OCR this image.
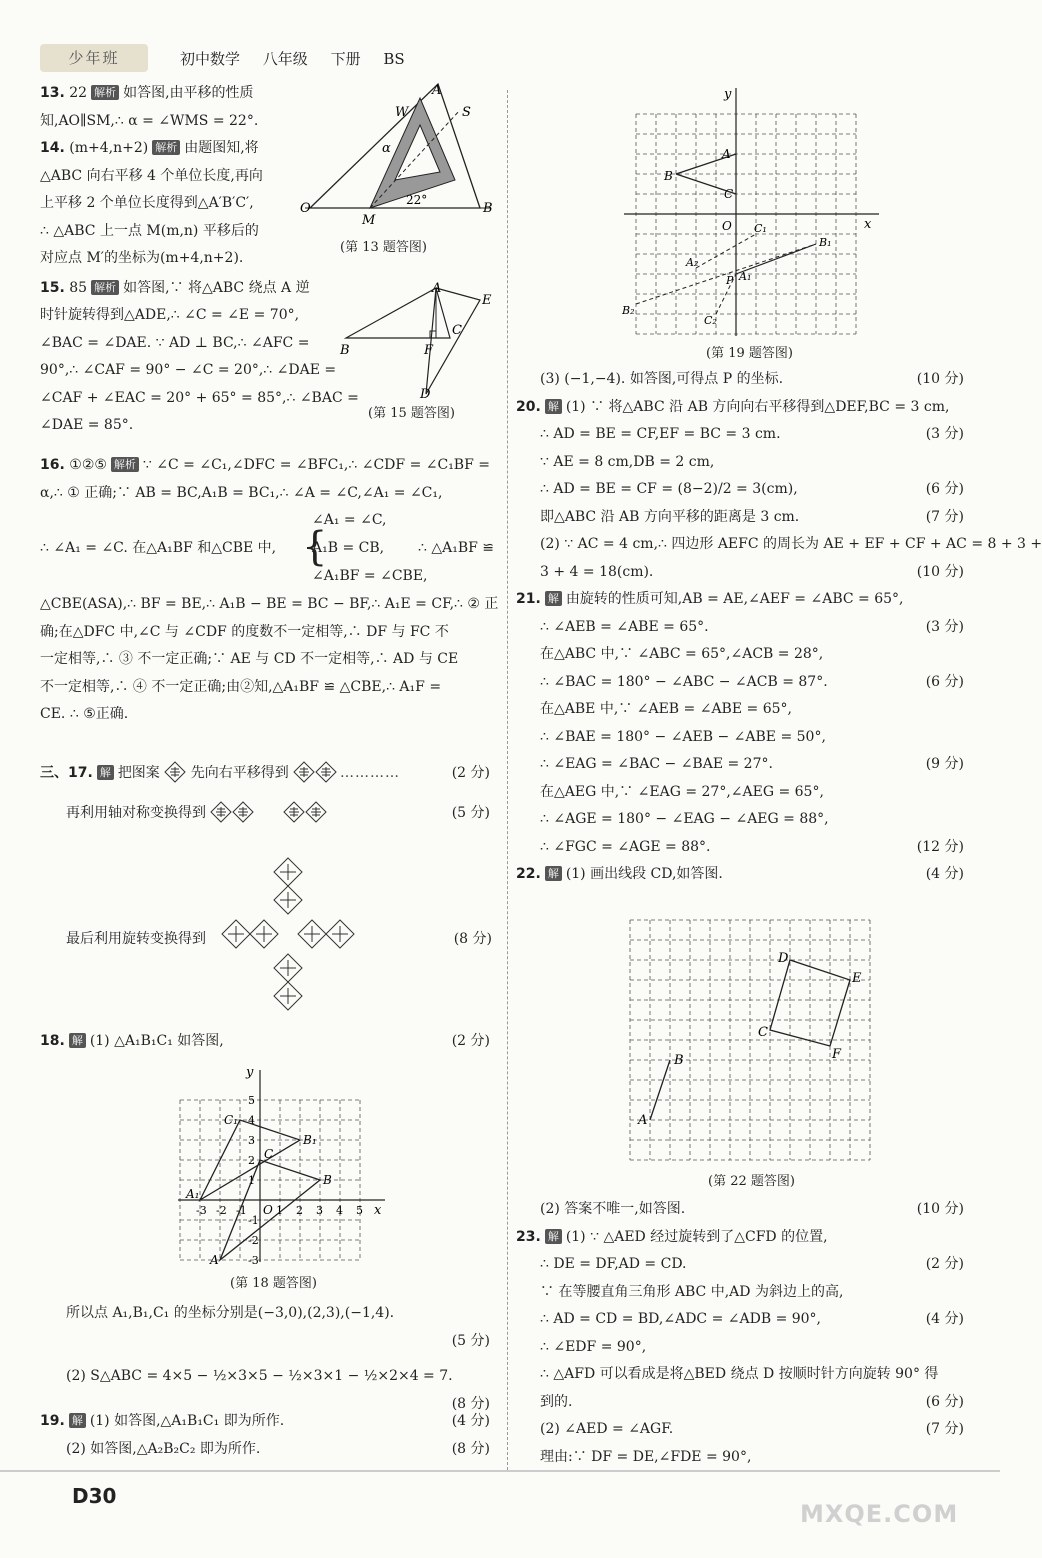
少年班	初中数学 八年级 下册 BS

13. 22 解析 如答图,由平移的性质

知,AO∥SM,∴ α = ∠WMS = 22°.

14. (m+4,n+2) 解析 由题图知,将

△ABC 向右平移 4 个单位长度,再向

上平移 2 个单位长度得到△A′B′C′,

∴ △ABC 上一点 M(m,n) 平移后的

对应点 M′的坐标为(m+4,n+2).

15. 85 解析 如答图,∵ 将△ABC 绕点 A 逆

时针旋转得到△ADE,∴ ∠C = ∠E = 70°,

∠BAC = ∠DAE. ∵ AD ⊥ BC,∴ ∠AFC =

90°,∴ ∠CAF = 90° − ∠C = 20°,∴ ∠DAE =

∠CAF + ∠EAC = 20° + 65° = 85°,∴ ∠BAC =

∠DAE = 85°.

W
A
S
O
M
B
α
22°
(第 13 题答图)
A
E
C
B	F
D
(第 15 题答图)

16. ①②⑤ 解析 ∵ ∠C = ∠C₁,∠DFC = ∠BFC₁,∴ ∠CDF = ∠C₁BF =

α,∴ ① 正确;∵ AB = BC,A₁B = BC₁,∴ ∠A = ∠C,∠A₁ = ∠C₁,

∴ ∠A₁ = ∠C. 在△A₁BF 和△CBE 中, {
∠A₁ = ∠C,
A₁B = CB,
∠A₁BF = ∠CBE,
∴ △A₁BF ≌

△CBE(ASA),∴ BF = BE,∴ A₁B − BE = BC − BF,∴ A₁E = CF,∴ ② 正

确;在△DFC 中,∠C 与 ∠CDF 的度数不一定相等,∴ DF 与 FC 不

一定相等,∴ ③ 不一定正确;∵ AE 与 CD 不一定相等,∴ AD 与 CE

不一定相等,∴ ④ 不一定正确;由②知,△A₁BF ≌ △CBE,∴ A₁F =

CE. ∴ ⑤正确.

三、17. 解 把图案 先向右平移得到	…………	(2 分)

再利用轴对称变换得到	(5 分)

最后利用旋转变换得到	(8 分)

18. 解 (1) △A₁B₁C₁ 如答图,	(2 分)

x
y
O
-3 -2 -1	1 2 3 4 5
5
4
3
2
1
-1
-2
-3
A
B
C
A₁
B₁
C₁
(第 18 题答图)

所以点 A₁,B₁,C₁ 的坐标分别是(−3,0),(2,3),(−1,4).

(5 分)

(2) S△ABC = 4×5 − ½×3×5 − ½×3×1 − ½×2×4 = 7.
(8 分)

19. 解 (1) 如答图,△A₁B₁C₁ 即为所作.	(4 分)

(2) 如答图,△A₂B₂C₂ 即为所作.	(8 分)

x
y
O
A
B
C
C₁
B₁
A₁
A₂
B₂
C₂
P
(第 19 题答图)

(3) (−1,−4). 如答图,可得点 P 的坐标.	(10 分)

20. 解 (1) ∵ 将△ABC 沿 AB 方向向右平移得到△DEF,BC = 3 cm,

∴ AD = BE = CF,EF = BC = 3 cm.	(3 分)

∵ AE = 8 cm,DB = 2 cm,

∴ AD = BE = CF = (8−2)/2 = 3(cm),	(6 分)

即△ABC 沿 AB 方向平移的距离是 3 cm.	(7 分)

(2) ∵ AC = 4 cm,∴ 四边形 AEFC 的周长为 AE + EF + CF + AC = 8 + 3 +

3 + 4 = 18(cm).	(10 分)

21. 解 由旋转的性质可知,AB = AE,∠AEF = ∠ABC = 65°,

∴ ∠AEB = ∠ABE = 65°.	(3 分)

在△ABC 中,∵ ∠ABC = 65°,∠ACB = 28°,

∴ ∠BAC = 180° − ∠ABC − ∠ACB = 87°.	(6 分)

在△ABE 中,∵ ∠AEB = ∠ABE = 65°,

∴ ∠BAE = 180° − ∠AEB − ∠ABE = 50°,

∴ ∠EAG = ∠BAC − ∠BAE = 27°.	(9 分)

在△AEG 中,∵ ∠EAG = 27°,∠AEG = 65°,

∴ ∠AGE = 180° − ∠EAG − ∠AEG = 88°,

∴ ∠FGC = ∠AGE = 88°.	(12 分)

22. 解 (1) 画出线段 CD,如答图.	(4 分)

A
B
C
D
E
F
(第 22 题答图)

(2) 答案不唯一,如答图.	(10 分)

23. 解 (1) ∵ △AED 经过旋转到了△CFD 的位置,

∴ DE = DF,AD = CD.	(2 分)

∵ 在等腰直角三角形 ABC 中,AD 为斜边上的高,

∴ AD = CD = BD,∠ADC = ∠ADB = 90°,	(4 分)

∴ ∠EDF = 90°,

∴ △AFD 可以看成是将△BED 绕点 D 按顺时针方向旋转 90° 得

到的.	(6 分)

(2) ∠AED = ∠AGF.	(7 分)

理由:∵ DF = DE,∠FDE = 90°,

D30
MXQE.COM
